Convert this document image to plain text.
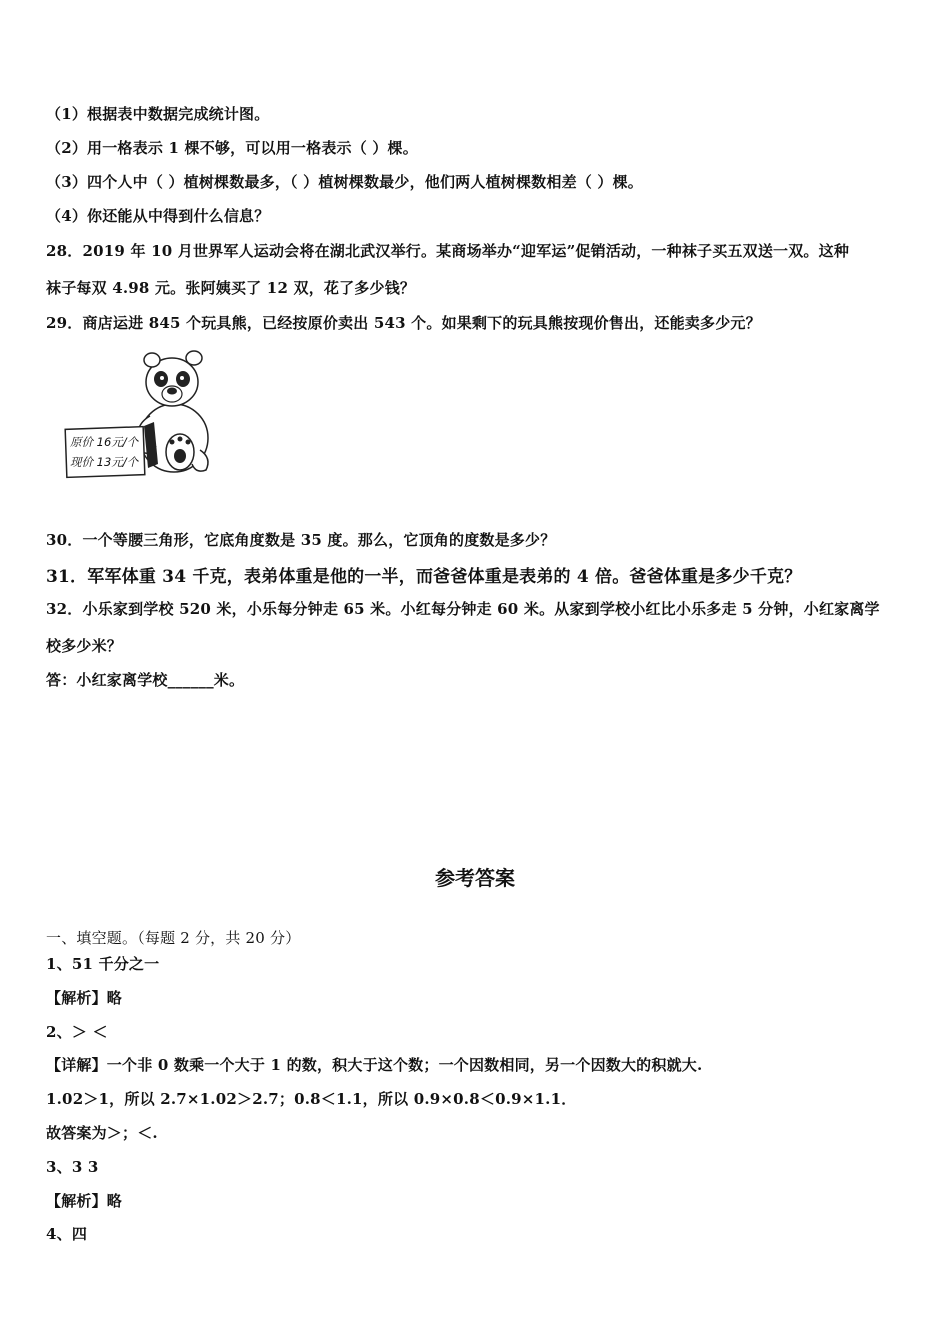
（1）根据表中数据完成统计图。
（2）用一格表示 1 棵不够，可以用一格表示（ ）棵。
（3）四个人中（ ）植树棵数最多，（ ）植树棵数最少，他们两人植树棵数相差（ ）棵。
（4）你还能从中得到什么信息？
28．2019 年 10 月世界军人运动会将在湖北武汉举行。某商场举办“迎军运”促销活动，一种袜子买五双送一双。这种
袜子每双 4.98 元。张阿姨买了 12 双，花了多少钱？
29．商店运进 845 个玩具熊，已经按原价卖出 543 个。如果剩下的玩具熊按现价售出，还能卖多少元？
原价 16元/个
现价 13元/个
30．一个等腰三角形，它底角度数是 35 度。那么，它顶角的度数是多少？
31．军军体重 34 千克，表弟体重是他的一半，而爸爸体重是表弟的 4 倍。爸爸体重是多少千克？
32．小乐家到学校 520 米，小乐每分钟走 65 米。小红每分钟走 60 米。从家到学校小红比小乐多走 5 分钟，小红家离学
校多少米？
答：小红家离学校______米。
参考答案
一、填空题。（每题 2 分，共 20 分）
1、51 千分之一
【解析】略
2、＞ ＜
【详解】一个非 0 数乘一个大于 1 的数，积大于这个数；一个因数相同，另一个因数大的积就大.
1.02＞1，所以 2.7×1.02＞2.7；0.8＜1.1，所以 0.9×0.8＜0.9×1.1．
故答案为＞；＜.
3、3 3
【解析】略
4、四
